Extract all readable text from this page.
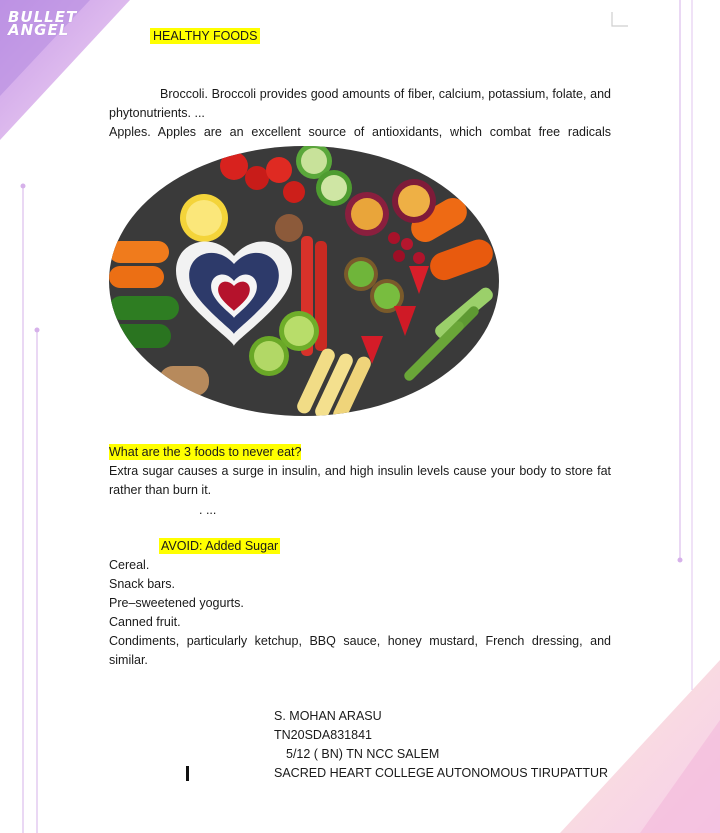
BULLET
ANGEL	HEALTHY FOODS
Broccoli. Broccoli provides good amounts of fiber, calcium, potassium, folate, and phytonutrients. ...
Apples. Apples are an excellent source of antioxidants, which combat free radicals
What are the 3 foods to never eat?
Extra sugar causes a surge in insulin, and high insulin levels cause your body to store fat rather than burn it.
. ...
AVOID: Added Sugar
Cereal.
Snack bars.
Pre–sweetened yogurts.
Canned fruit.
Condiments, particularly ketchup, BBQ sauce, honey mustard, French dressing, and similar.
S. MOHAN ARASU
TN20SDA831841
5/12 ( BN) TN NCC SALEM
SACRED HEART COLLEGE AUTONOMOUS TIRUPATTUR
